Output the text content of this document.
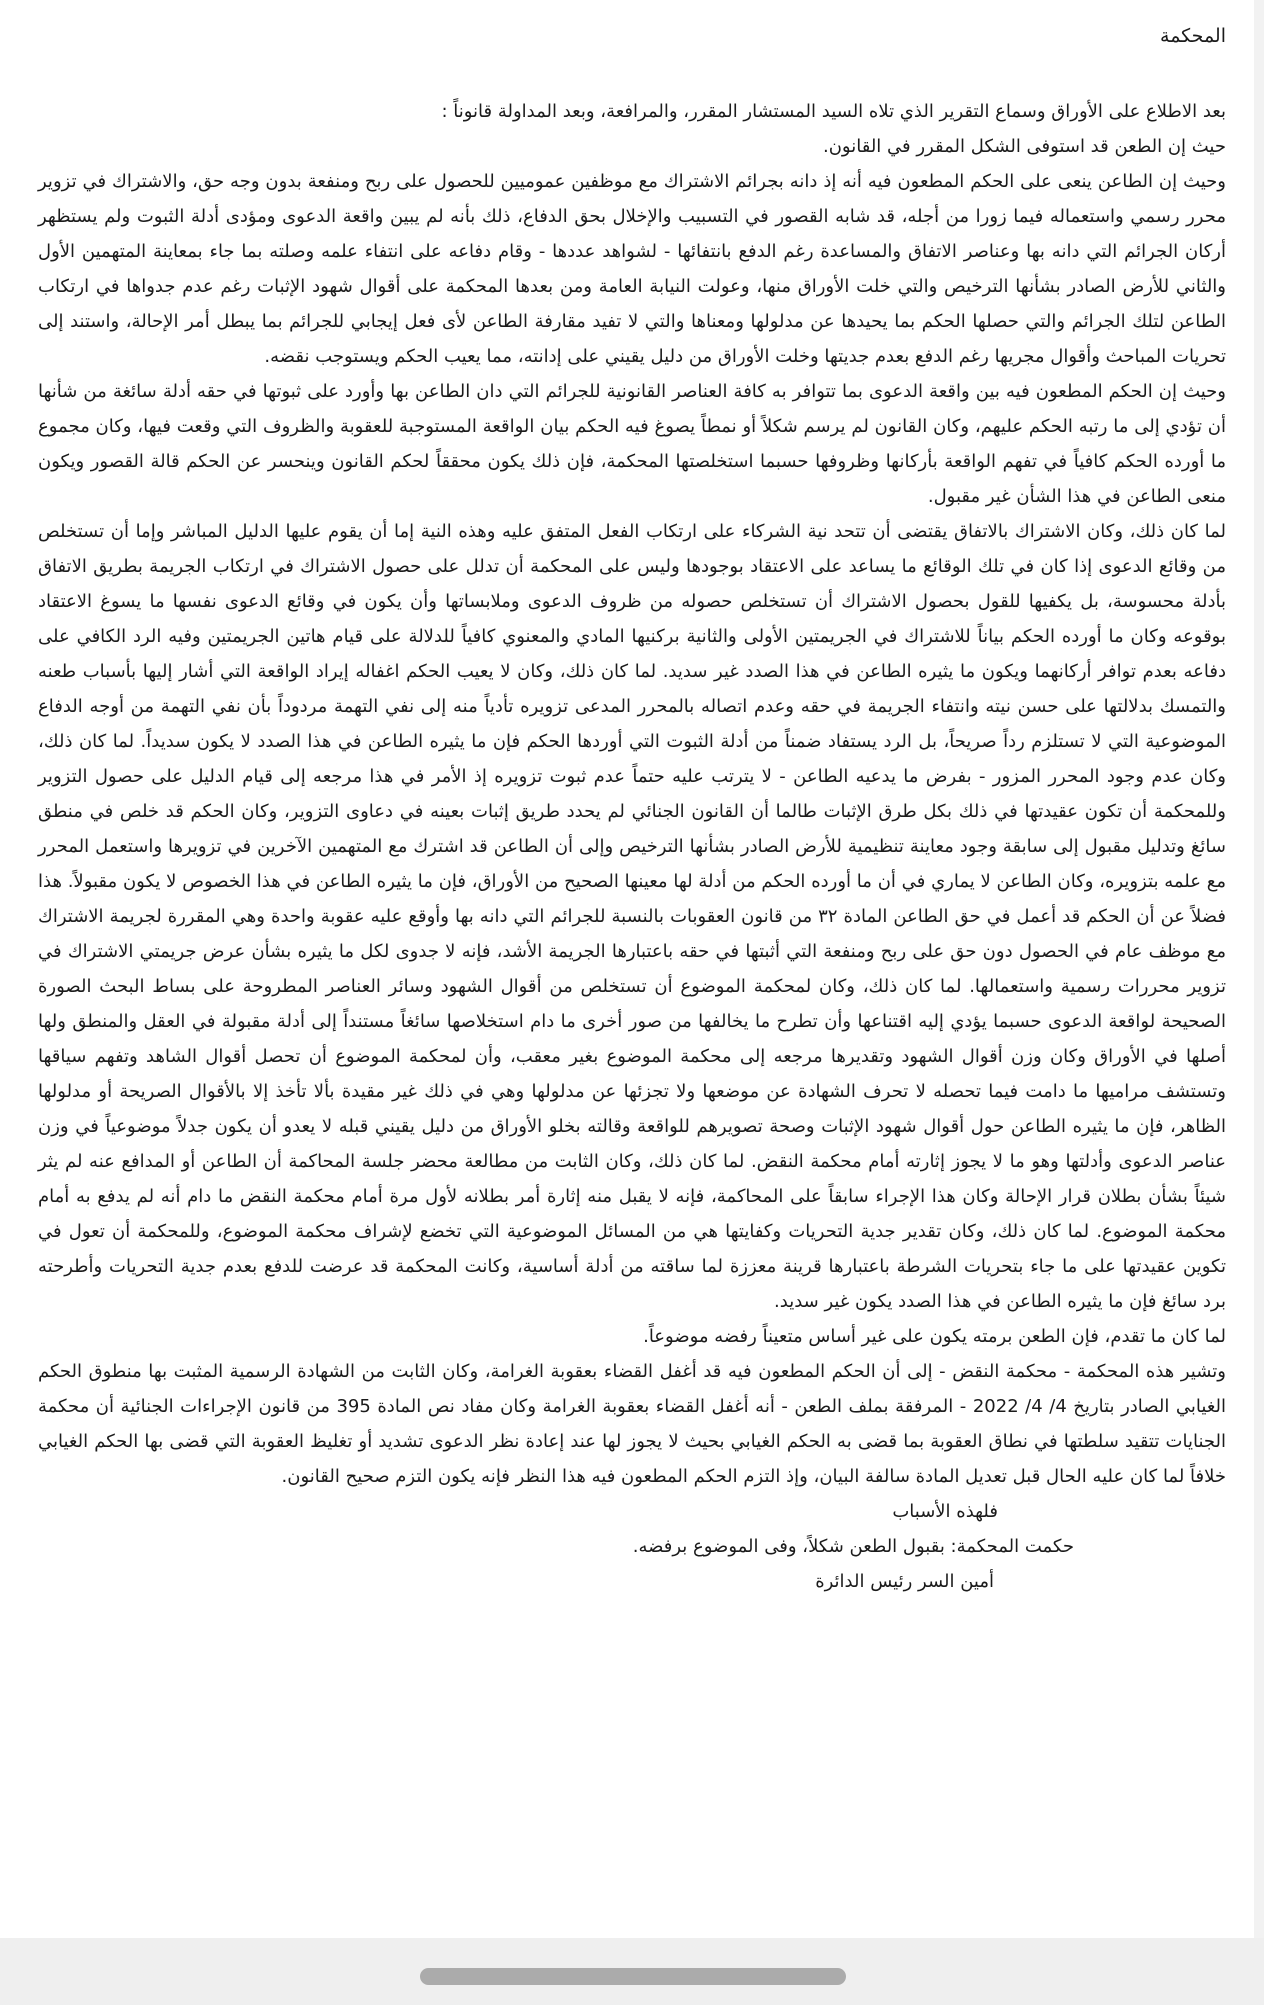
المحكمة

بعد الاطلاع على الأوراق وسماع التقرير الذي تلاه السيد المستشار المقرر، والمرافعة، وبعد المداولة قانوناً :

حيث إن الطعن قد استوفى الشكل المقرر في القانون.

وحيث إن الطاعن ينعى على الحكم المطعون فيه أنه إذ دانه بجرائم الاشتراك مع موظفين عموميين للحصول على ربح ومنفعة بدون وجه حق، والاشتراك في تزوير محرر رسمي واستعماله فيما زورا من أجله، قد شابه القصور في التسبيب والإخلال بحق الدفاع، ذلك بأنه لم يبين واقعة الدعوى ومؤدى أدلة الثبوت ولم يستظهر أركان الجرائم التي دانه بها وعناصر الاتفاق والمساعدة رغم الدفع بانتفائها - لشواهد عددها - وقام دفاعه على انتفاء علمه وصلته بما جاء بمعاينة المتهمين الأول والثاني للأرض الصادر بشأنها الترخيص والتي خلت الأوراق منها، وعولت النيابة العامة ومن بعدها المحكمة على أقوال شهود الإثبات رغم عدم جدواها في ارتكاب الطاعن لتلك الجرائم والتي حصلها الحكم بما يحيدها عن مدلولها ومعناها والتي لا تفيد مقارفة الطاعن لأى فعل إيجابي للجرائم بما يبطل أمر الإحالة، واستند إلى تحريات المباحث وأقوال مجريها رغم الدفع بعدم جديتها وخلت الأوراق من دليل يقيني على إدانته، مما يعيب الحكم ويستوجب نقضه.

وحيث إن الحكم المطعون فيه بين واقعة الدعوى بما تتوافر به كافة العناصر القانونية للجرائم التي دان الطاعن بها وأورد على ثبوتها في حقه أدلة سائغة من شأنها أن تؤدي إلى ما رتبه الحكم عليهم، وكان القانون لم يرسم شكلاً أو نمطاً يصوغ فيه الحكم بيان الواقعة المستوجبة للعقوبة والظروف التي وقعت فيها، وكان مجموع ما أورده الحكم كافياً في تفهم الواقعة بأركانها وظروفها حسبما استخلصتها المحكمة، فإن ذلك يكون محققاً لحكم القانون وينحسر عن الحكم قالة القصور ويكون منعى الطاعن في هذا الشأن غير مقبول.

لما كان ذلك، وكان الاشتراك بالاتفاق يقتضى أن تتحد نية الشركاء على ارتكاب الفعل المتفق عليه وهذه النية إما أن يقوم عليها الدليل المباشر وإما أن تستخلص من وقائع الدعوى إذا كان في تلك الوقائع ما يساعد على الاعتقاد بوجودها وليس على المحكمة أن تدلل على حصول الاشتراك في ارتكاب الجريمة بطريق الاتفاق بأدلة محسوسة، بل يكفيها للقول بحصول الاشتراك أن تستخلص حصوله من ظروف الدعوى وملابساتها وأن يكون في وقائع الدعوى نفسها ما يسوغ الاعتقاد بوقوعه وكان ما أورده الحكم بياناً للاشتراك في الجريمتين الأولى والثانية بركنيها المادي والمعنوي كافياً للدلالة على قيام هاتين الجريمتين وفيه الرد الكافي على دفاعه بعدم توافر أركانهما ويكون ما يثيره الطاعن في هذا الصدد غير سديد. لما كان ذلك، وكان لا يعيب الحكم اغفاله إيراد الواقعة التي أشار إليها بأسباب طعنه والتمسك بدلالتها على حسن نيته وانتفاء الجريمة في حقه وعدم اتصاله بالمحرر المدعى تزويره تأدياً منه إلى نفي التهمة مردوداً بأن نفي التهمة من أوجه الدفاع الموضوعية التي لا تستلزم رداً صريحاً، بل الرد يستفاد ضمناً من أدلة الثبوت التي أوردها الحكم فإن ما يثيره الطاعن في هذا الصدد لا يكون سديداً. لما كان ذلك، وكان عدم وجود المحرر المزور - بفرض ما يدعيه الطاعن - لا يترتب عليه حتماً عدم ثبوت تزويره إذ الأمر في هذا مرجعه إلى قيام الدليل على حصول التزوير وللمحكمة أن تكون عقيدتها في ذلك بكل طرق الإثبات طالما أن القانون الجنائي لم يحدد طريق إثبات بعينه في دعاوى التزوير، وكان الحكم قد خلص في منطق سائغ وتدليل مقبول إلى سابقة وجود معاينة تنظيمية للأرض الصادر بشأنها الترخيص وإلى أن الطاعن قد اشترك مع المتهمين الآخرين في تزويرها واستعمل المحرر مع علمه بتزويره، وكان الطاعن لا يماري في أن ما أورده الحكم من أدلة لها معينها الصحيح من الأوراق، فإن ما يثيره الطاعن في هذا الخصوص لا يكون مقبولاً. هذا فضلاً عن أن الحكم قد أعمل في حق الطاعن المادة ٣٢ من قانون العقوبات بالنسبة للجرائم التي دانه بها وأوقع عليه عقوبة واحدة وهي المقررة لجريمة الاشتراك مع موظف عام في الحصول دون حق على ربح ومنفعة التي أثبتها في حقه باعتبارها الجريمة الأشد، فإنه لا جدوى لكل ما يثيره بشأن عرض جريمتي الاشتراك في تزوير محررات رسمية واستعمالها. لما كان ذلك، وكان لمحكمة الموضوع أن تستخلص من أقوال الشهود وسائر العناصر المطروحة على بساط البحث الصورة الصحيحة لواقعة الدعوى حسبما يؤدي إليه اقتناعها وأن تطرح ما يخالفها من صور أخرى ما دام استخلاصها سائغاً مستنداً إلى أدلة مقبولة في العقل والمنطق ولها أصلها في الأوراق وكان وزن أقوال الشهود وتقديرها مرجعه إلى محكمة الموضوع بغير معقب، وأن لمحكمة الموضوع أن تحصل أقوال الشاهد وتفهم سياقها وتستشف مراميها ما دامت فيما تحصله لا تحرف الشهادة عن موضعها ولا تجزئها عن مدلولها وهي في ذلك غير مقيدة بألا تأخذ إلا بالأقوال الصريحة أو مدلولها الظاهر، فإن ما يثيره الطاعن حول أقوال شهود الإثبات وصحة تصويرهم للواقعة وقالته بخلو الأوراق من دليل يقيني قبله لا يعدو أن يكون جدلاً موضوعياً في وزن عناصر الدعوى وأدلتها وهو ما لا يجوز إثارته أمام محكمة النقض. لما كان ذلك، وكان الثابت من مطالعة محضر جلسة المحاكمة أن الطاعن أو المدافع عنه لم يثر شيئاً بشأن بطلان قرار الإحالة وكان هذا الإجراء سابقاً على المحاكمة، فإنه لا يقبل منه إثارة أمر بطلانه لأول مرة أمام محكمة النقض ما دام أنه لم يدفع به أمام محكمة الموضوع. لما كان ذلك، وكان تقدير جدية التحريات وكفايتها هي من المسائل الموضوعية التي تخضع لإشراف محكمة الموضوع، وللمحكمة أن تعول في تكوين عقيدتها على ما جاء بتحريات الشرطة باعتبارها قرينة معززة لما ساقته من أدلة أساسية، وكانت المحكمة قد عرضت للدفع بعدم جدية التحريات وأطرحته برد سائغ فإن ما يثيره الطاعن في هذا الصدد يكون غير سديد.

لما كان ما تقدم، فإن الطعن برمته يكون على غير أساس متعيناً رفضه موضوعاً.

وتشير هذه المحكمة - محكمة النقض - إلى أن الحكم المطعون فيه قد أغفل القضاء بعقوبة الغرامة، وكان الثابت من الشهادة الرسمية المثبت بها منطوق الحكم الغيابي الصادر بتاريخ 4/ 4/ 2022 - المرفقة بملف الطعن - أنه أغفل القضاء بعقوبة الغرامة وكان مفاد نص المادة 395 من قانون الإجراءات الجنائية أن محكمة الجنايات تتقيد سلطتها في نطاق العقوبة بما قضى به الحكم الغيابي بحيث لا يجوز لها عند إعادة نظر الدعوى تشديد أو تغليظ العقوبة التي قضى بها الحكم الغيابي خلافاً لما كان عليه الحال قبل تعديل المادة سالفة البيان، وإذ التزم الحكم المطعون فيه هذا النظر فإنه يكون التزم صحيح القانون.

فلهذه الأسباب

حكمت المحكمة: بقبول الطعن شكلاً، وفى الموضوع برفضه.

أمين السر رئيس الدائرة
